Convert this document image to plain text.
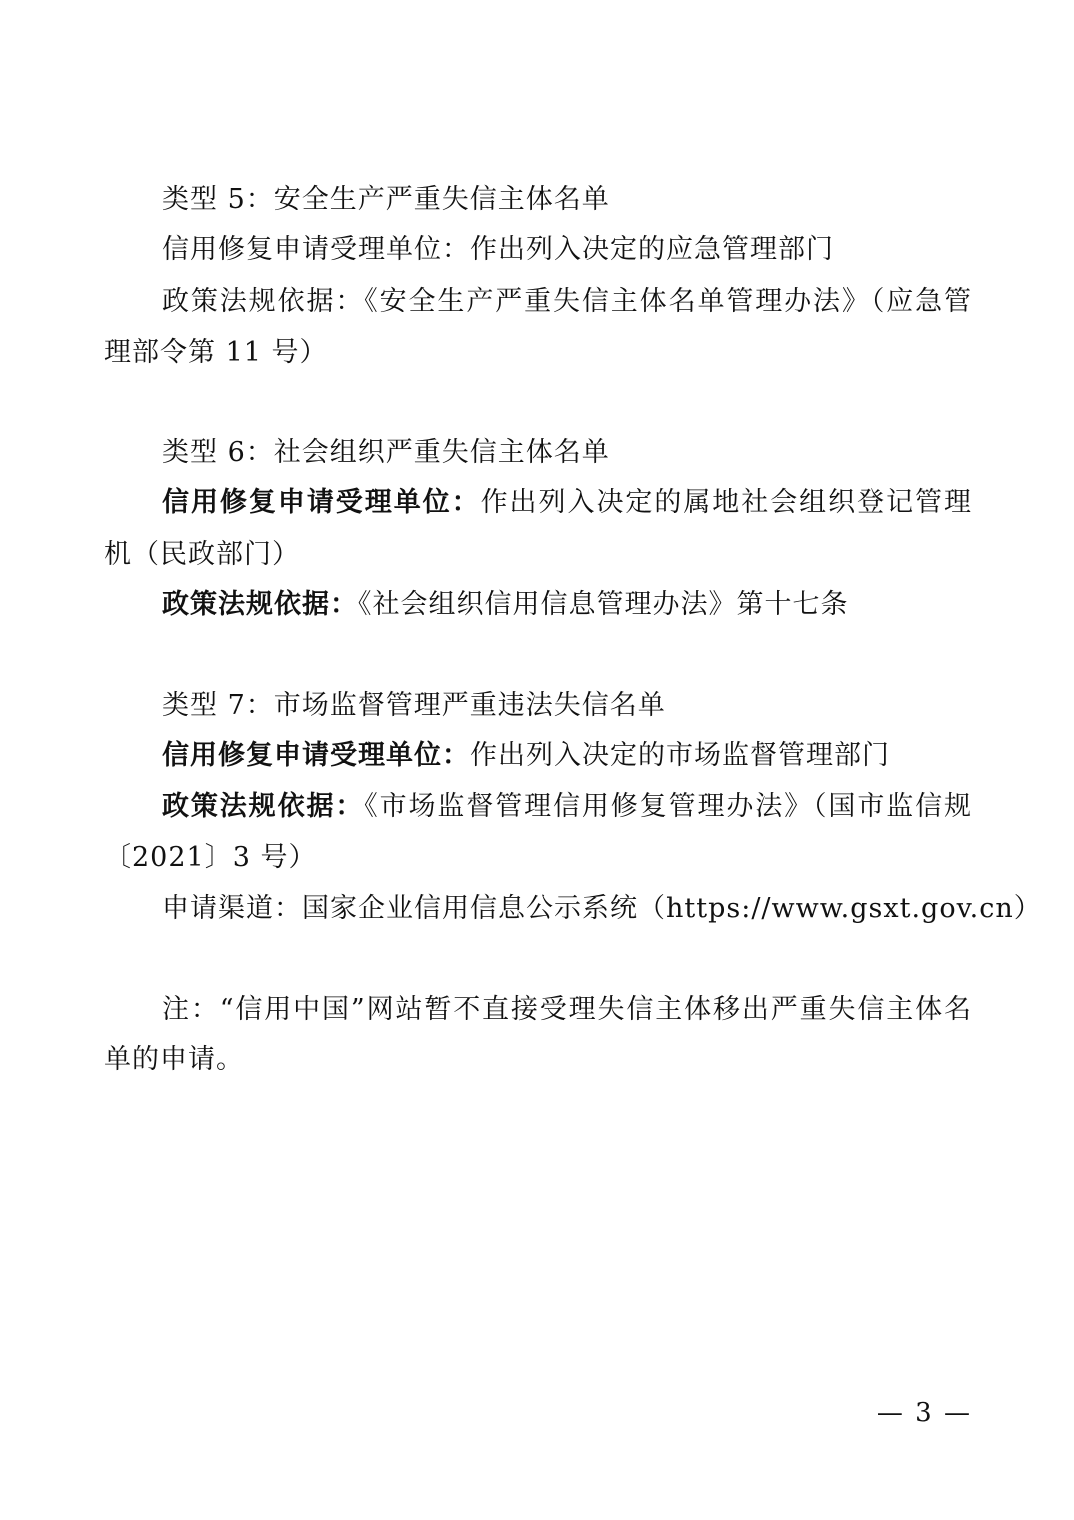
类型 5：安全生产严重失信主体名单
信用修复申请受理单位：作出列入决定的应急管理部门
政策法规依据：《安全生产严重失信主体名单管理办法》（应急管
理部令第 11 号）
类型 6：社会组织严重失信主体名单
信用修复申请受理单位：作出列入决定的属地社会组织登记管理
机（民政部门）
政策法规依据：《社会组织信用信息管理办法》第十七条
类型 7：市场监督管理严重违法失信名单
信用修复申请受理单位：作出列入决定的市场监督管理部门
政策法规依据：《市场监督管理信用修复管理办法》（国市监信规
〔2021〕3 号）
申请渠道：国家企业信用信息公示系统（https://www.gsxt.gov.cn）
注：“信用中国”网站暂不直接受理失信主体移出严重失信主体名
单的申请。
— 3 —
